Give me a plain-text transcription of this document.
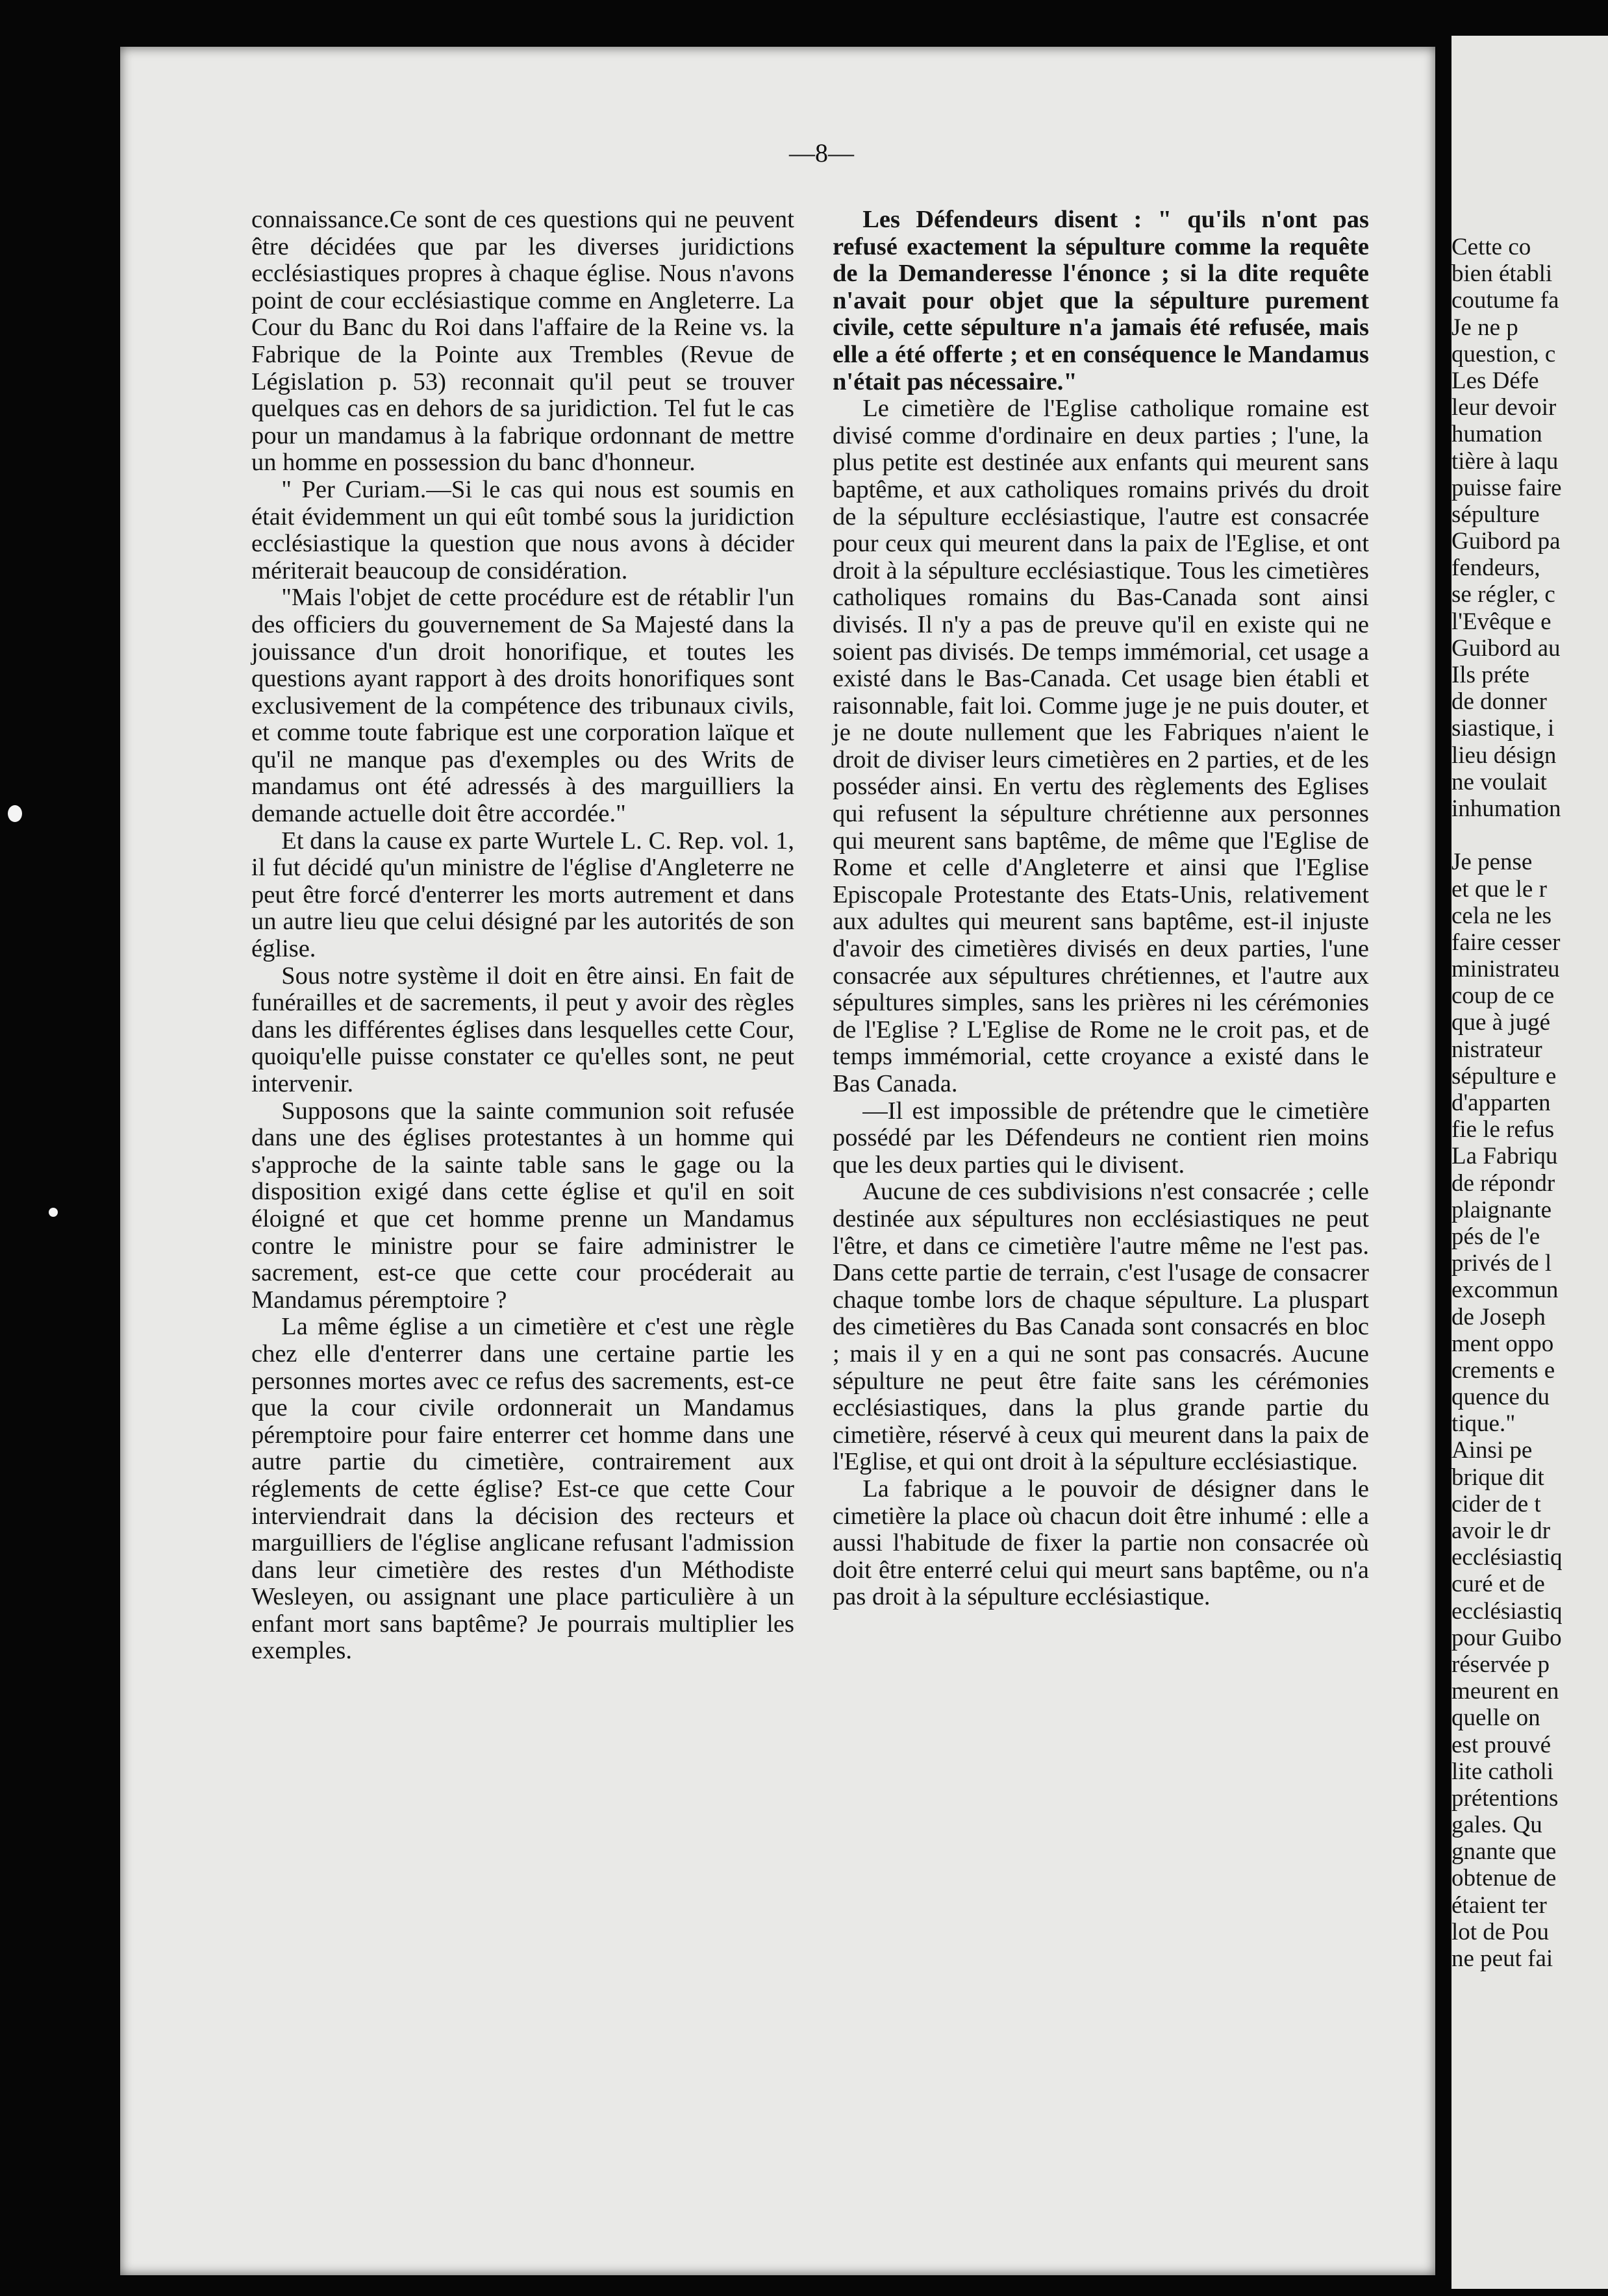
Cette co
bien établi
coutume fa
Je ne p
question, c
Les Défe
leur devoir
humation
tière à laqu
puisse faire
sépulture
Guibord pa
fendeurs,
se régler, c
l'Evêque e
Guibord au
Ils préte
de donner
siastique, i
lieu désign
ne voulait
inhumation
Je pense
et que le r
cela ne les
faire cesser
ministrateu
coup de ce
que à jugé
nistrateur
sépulture e
d'apparten
fie le refus
La Fabriqu
de répondr
plaignante
pés de l'e
privés de l
excommun
de Joseph
ment oppo
crements e
quence du
tique."
Ainsi pe
brique dit
cider de t
avoir le dr
ecclésiastiq
curé et de
ecclésiastiq
pour Guibo
réservée p
meurent en
quelle on
est prouvé
lite catholi
prétentions
gales. Qu
gnante que
obtenue de
étaient ter
lot de Pou
ne peut fai
—8—

connaissance.Ce sont de ces questions qui ne peuvent être décidées que par les diverses juridictions ecclésiastiques propres à chaque église. Nous n'avons point de cour ecclésiastique comme en Angleterre. La Cour du Banc du Roi dans l'affaire de la Reine vs. la Fabrique de la Pointe aux Trembles (Revue de Législation p. 53) reconnait qu'il peut se trouver quelques cas en dehors de sa juridiction. Tel fut le cas pour un mandamus à la fabrique ordonnant de mettre un homme en possession du banc d'honneur.

" Per Curiam.—Si le cas qui nous est soumis en était évidemment un qui eût tombé sous la juridiction ecclésiastique la question que nous avons à décider mériterait beaucoup de considération.

"Mais l'objet de cette procédure est de rétablir l'un des officiers du gouvernement de Sa Majesté dans la jouissance d'un droit honorifique, et toutes les questions ayant rapport à des droits honorifiques sont exclusivement de la compétence des tribunaux civils, et comme toute fabrique est une corporation laïque et qu'il ne manque pas d'exemples ou des Writs de mandamus ont été adressés à des marguilliers la demande actuelle doit être accordée."

Et dans la cause ex parte Wurtele L. C. Rep. vol. 1, il fut décidé qu'un ministre de l'église d'Angleterre ne peut être forcé d'enterrer les morts autrement et dans un autre lieu que celui désigné par les autorités de son église.

Sous notre système il doit en être ainsi. En fait de funérailles et de sacrements, il peut y avoir des règles dans les différentes églises dans lesquelles cette Cour, quoiqu'elle puisse constater ce qu'elles sont, ne peut intervenir.

Supposons que la sainte communion soit refusée dans une des églises protestantes à un homme qui s'approche de la sainte table sans le gage ou la disposition exigé dans cette église et qu'il en soit éloigné et que cet homme prenne un Mandamus contre le ministre pour se faire administrer le sacrement, est-ce que cette cour procéderait au Mandamus péremptoire ?

La même église a un cimetière et c'est une règle chez elle d'enterrer dans une certaine partie les personnes mortes avec ce refus des sacrements, est-ce que la cour civile ordonnerait un Mandamus péremptoire pour faire enterrer cet homme dans une autre partie du cimetière, contrairement aux réglements de cette église? Est-ce que cette Cour interviendrait dans la décision des recteurs et marguilliers de l'église anglicane refusant l'admission dans leur cimetière des restes d'un Méthodiste Wesleyen, ou assignant une place particulière à un enfant mort sans baptême? Je pourrais multiplier les exemples.

Les Défendeurs disent : " qu'ils n'ont pas refusé exactement la sépulture comme la requête de la Demanderesse l'énonce ; si la dite requête n'avait pour objet que la sépulture purement civile, cette sépulture n'a jamais été refusée, mais elle a été offerte ; et en conséquence le Mandamus n'était pas nécessaire."

Le cimetière de l'Eglise catholique romaine est divisé comme d'ordinaire en deux parties ; l'une, la plus petite est destinée aux enfants qui meurent sans baptême, et aux catholiques romains privés du droit de la sépulture ecclésiastique, l'autre est consacrée pour ceux qui meurent dans la paix de l'Eglise, et ont droit à la sépulture ecclésiastique. Tous les cimetières catholiques romains du Bas-Canada sont ainsi divisés. Il n'y a pas de preuve qu'il en existe qui ne soient pas divisés. De temps immémorial, cet usage a existé dans le Bas-Canada. Cet usage bien établi et raisonnable, fait loi. Comme juge je ne puis douter, et je ne doute nullement que les Fabriques n'aient le droit de diviser leurs cimetières en 2 parties, et de les posséder ainsi. En vertu des règlements des Eglises qui refusent la sépulture chrétienne aux personnes qui meurent sans baptême, de même que l'Eglise de Rome et celle d'Angleterre et ainsi que l'Eglise Episcopale Protestante des Etats-Unis, relativement aux adultes qui meurent sans baptême, est-il injuste d'avoir des cimetières divisés en deux parties, l'une consacrée aux sépultures chrétiennes, et l'autre aux sépultures simples, sans les prières ni les cérémonies de l'Eglise ? L'Eglise de Rome ne le croit pas, et de temps immémorial, cette croyance a existé dans le Bas Canada.

—Il est impossible de prétendre que le cimetière possédé par les Défendeurs ne contient rien moins que les deux parties qui le divisent.

Aucune de ces subdivisions n'est consacrée ; celle destinée aux sépultures non ecclésiastiques ne peut l'être, et dans ce cimetière l'autre même ne l'est pas. Dans cette partie de terrain, c'est l'usage de consacrer chaque tombe lors de chaque sépulture. La pluspart des cimetières du Bas Canada sont consacrés en bloc ; mais il y en a qui ne sont pas consacrés. Aucune sépulture ne peut être faite sans les cérémonies ecclésiastiques, dans la plus grande partie du cimetière, réservé à ceux qui meurent dans la paix de l'Eglise, et qui ont droit à la sépulture ecclésiastique.

La fabrique a le pouvoir de désigner dans le cimetière la place où chacun doit être inhumé : elle a aussi l'habitude de fixer la partie non consacrée où doit être enterré celui qui meurt sans baptême, ou n'a pas droit à la sépulture ecclésiastique.
